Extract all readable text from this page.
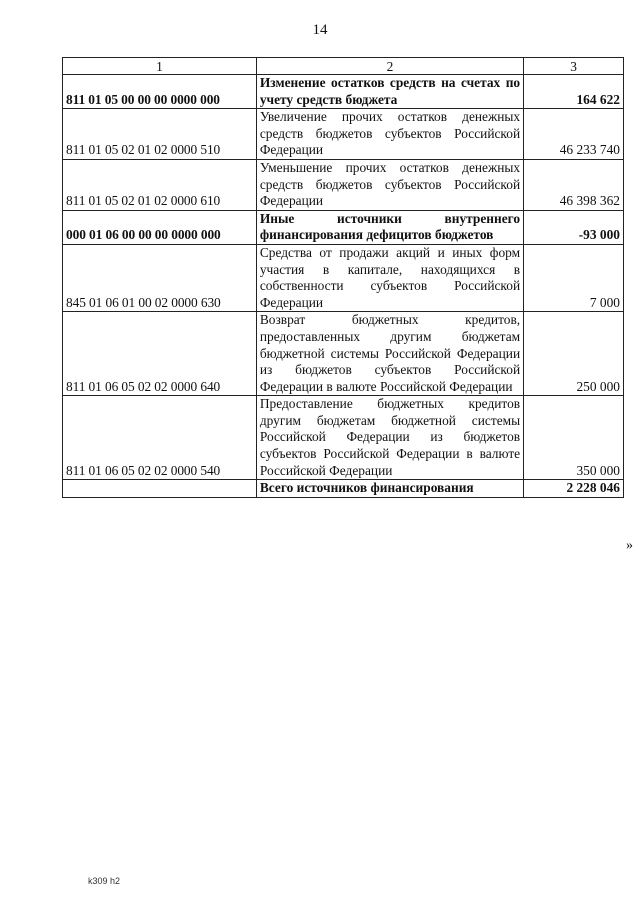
14
1	2	3
811 01 05 00 00 00 0000 000	Изменение остатков средств на счетах по учету средств бюджета	164 622
811 01 05 02 01 02 0000 510	Увеличение прочих остатков денежных средств бюджетов субъектов Российской Федерации	46 233 740
811 01 05 02 01 02 0000 610	Уменьшение прочих остатков денежных средств бюджетов субъектов Российской Федерации	46 398 362
000 01 06 00 00 00 0000 000	Иные источники внутреннего финансирования дефицитов бюджетов	-93 000
845 01 06 01 00 02 0000 630	Средства от продажи акций и иных форм участия в капитале, находящихся в собственности субъектов Российской Федерации	7 000
811 01 06 05 02 02 0000 640	Возврат бюджетных кредитов, предоставленных другим бюджетам бюджетной системы Российской Федерации из бюджетов субъектов Российской Федерации в валюте Российской Федерации	250 000
811 01 06 05 02 02 0000 540	Предоставление бюджетных кредитов другим бюджетам бюджетной системы Российской Федерации из бюджетов субъектов Российской Федерации в валюте Российской Федерации	350 000
	Всего источников финансирования	2 228 046
»
k309 h2
